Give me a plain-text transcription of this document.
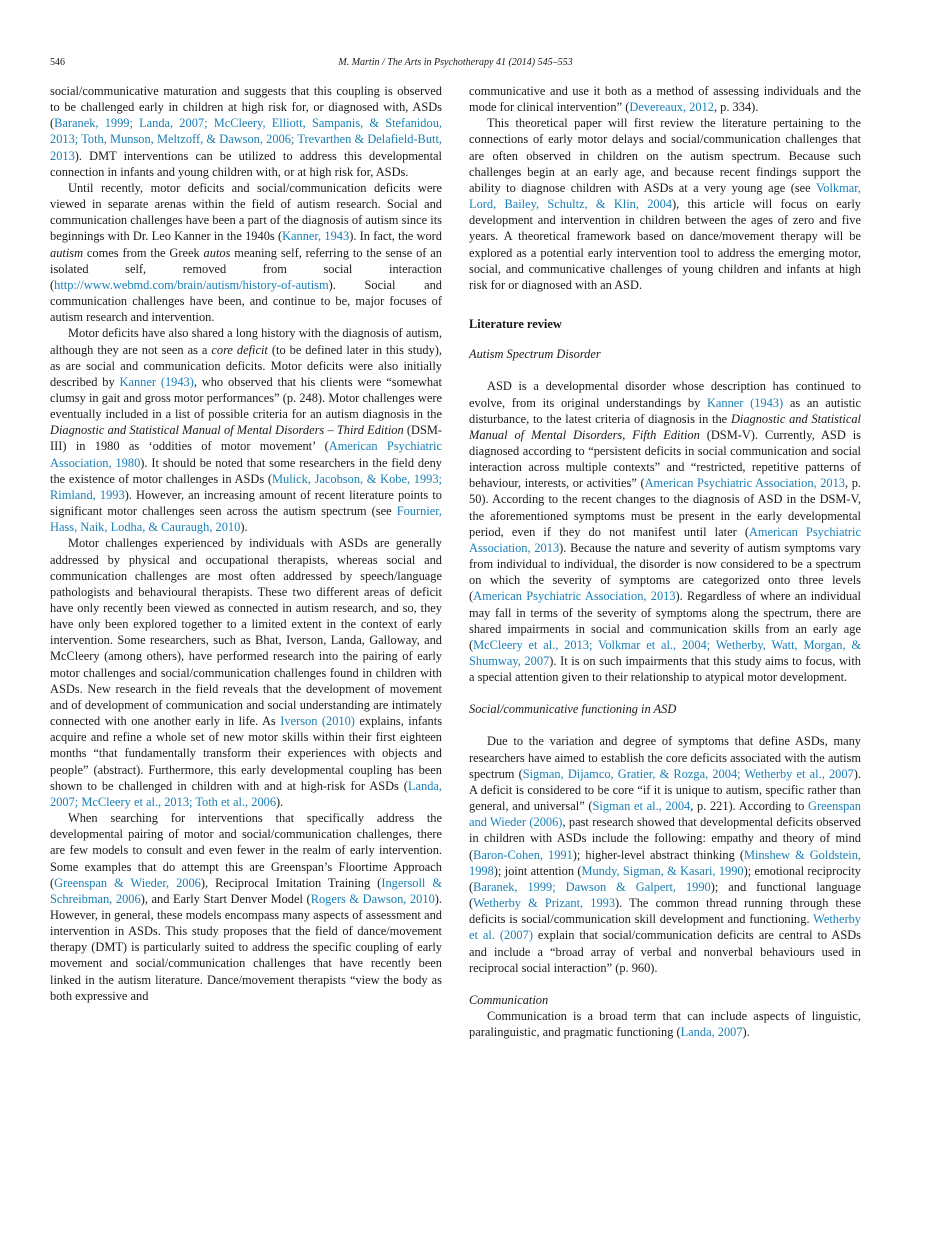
546	M. Martin / The Arts in Psychotherapy 41 (2014) 545–553

social/communicative maturation and suggests that this coupling is observed to be challenged early in children at high risk for, or diagnosed with, ASDs (Baranek, 1999; Landa, 2007; McCleery, Elliott, Sampanis, & Stefanidou, 2013; Toth, Munson, Meltzoff, & Dawson, 2006; Trevarthen & Delafield-Butt, 2013). DMT interventions can be utilized to address this developmental connection in infants and young children with, or at high risk for, ASDs.

Until recently, motor deficits and social/communication deficits were viewed in separate arenas within the field of autism research. Social and communication challenges have been a part of the diagnosis of autism since its beginnings with Dr. Leo Kanner in the 1940s (Kanner, 1943). In fact, the word autism comes from the Greek autos meaning self, referring to the sense of an isolated self, removed from social interaction (http://www.webmd.com/brain/autism/history-of-autism). Social and communication challenges have been, and continue to be, major focuses of autism research and intervention.

Motor deficits have also shared a long history with the diagnosis of autism, although they are not seen as a core deficit (to be defined later in this study), as are social and communication deficits. Motor deficits were also initially described by Kanner (1943), who observed that his clients were “somewhat clumsy in gait and gross motor performances” (p. 248). Motor challenges were eventually included in a list of possible criteria for an autism diagnosis in the Diagnostic and Statistical Manual of Mental Disorders – Third Edition (DSM-III) in 1980 as ‘oddities of motor movement’ (American Psychiatric Association, 1980). It should be noted that some researchers in the field deny the existence of motor challenges in ASDs (Mulick, Jacobson, & Kobe, 1993; Rimland, 1993). However, an increasing amount of recent literature points to significant motor challenges seen across the autism spectrum (see Fournier, Hass, Naik, Lodha, & Cauraugh, 2010).

Motor challenges experienced by individuals with ASDs are generally addressed by physical and occupational therapists, whereas social and communication challenges are most often addressed by speech/language pathologists and behavioural therapists. These two different areas of deficit have only recently been viewed as connected in autism research, and so, they have only been explored together to a limited extent in the context of early intervention. Some researchers, such as Bhat, Iverson, Landa, Galloway, and McCleery (among others), have performed research into the pairing of early motor challenges and social/communication challenges found in children with ASDs. New research in the field reveals that the development of movement and of development of communication and social understanding are intimately connected with one another early in life. As Iverson (2010) explains, infants acquire and refine a whole set of new motor skills within their first eighteen months “that fundamentally transform their experiences with objects and people” (abstract). Furthermore, this early developmental coupling has been shown to be challenged in children with and at high-risk for ASDs (Landa, 2007; McCleery et al., 2013; Toth et al., 2006).

When searching for interventions that specifically address the developmental pairing of motor and social/communication challenges, there are few models to consult and even fewer in the realm of early intervention. Some examples that do attempt this are Greenspan’s Floortime Approach (Greenspan & Wieder, 2006), Reciprocal Imitation Training (Ingersoll & Schreibman, 2006), and Early Start Denver Model (Rogers & Dawson, 2010). However, in general, these models encompass many aspects of assessment and intervention in ASDs. This study proposes that the field of dance/movement therapy (DMT) is particularly suited to address the specific coupling of early movement and social/communication challenges that have recently been linked in the autism literature. Dance/movement therapists “view the body as both expressive and

communicative and use it both as a method of assessing individuals and the mode for clinical intervention” (Devereaux, 2012, p. 334).

This theoretical paper will first review the literature pertaining to the connections of early motor delays and social/communication challenges that are often observed in children on the autism spectrum. Because such challenges begin at an early age, and because recent findings support the ability to diagnose children with ASDs at a very young age (see Volkmar, Lord, Bailey, Schultz, & Klin, 2004), this article will focus on early development and intervention in children between the ages of zero and five years. A theoretical framework based on dance/movement therapy will be explored as a potential early intervention tool to address the emerging motor, social, and communicative challenges of young children and infants at high risk for or diagnosed with an ASD.

Literature review
Autism Spectrum Disorder

ASD is a developmental disorder whose description has continued to evolve, from its original understandings by Kanner (1943) as an autistic disturbance, to the latest criteria of diagnosis in the Diagnostic and Statistical Manual of Mental Disorders, Fifth Edition (DSM-V). Currently, ASD is diagnosed according to “persistent deficits in social communication and social interaction across multiple contexts” and “restricted, repetitive patterns of behaviour, interests, or activities” (American Psychiatric Association, 2013, p. 50). According to the recent changes to the diagnosis of ASD in the DSM-V, the aforementioned symptoms must be present in the early developmental period, even if they do not manifest until later (American Psychiatric Association, 2013). Because the nature and severity of autism symptoms vary from individual to individual, the disorder is now considered to be a spectrum on which the severity of symptoms are categorized onto three levels (American Psychiatric Association, 2013). Regardless of where an individual may fall in terms of the severity of symptoms along the spectrum, there are shared impairments in social and communication skills from an early age (McCleery et al., 2013; Volkmar et al., 2004; Wetherby, Watt, Morgan, & Shumway, 2007). It is on such impairments that this study aims to focus, with a special attention given to their relationship to atypical motor development.

Social/communicative functioning in ASD

Due to the variation and degree of symptoms that define ASDs, many researchers have aimed to establish the core deficits associated with the autism spectrum (Sigman, Dijamco, Gratier, & Rozga, 2004; Wetherby et al., 2007). A deficit is considered to be core “if it is unique to autism, specific rather than general, and universal” (Sigman et al., 2004, p. 221). According to Greenspan and Wieder (2006), past research showed that developmental deficits observed in children with ASDs include the following: empathy and theory of mind (Baron-Cohen, 1991); higher-level abstract thinking (Minshew & Goldstein, 1998); joint attention (Mundy, Sigman, & Kasari, 1990); emotional reciprocity (Baranek, 1999; Dawson & Galpert, 1990); and functional language (Wetherby & Prizant, 1993). The common thread running through these deficits is social/communication skill development and functioning. Wetherby et al. (2007) explain that social/communication deficits are central to ASDs and include a “broad array of verbal and nonverbal behaviours used in reciprocal social interaction” (p. 960).

Communication

Communication is a broad term that can include aspects of linguistic, paralinguistic, and pragmatic functioning (Landa, 2007).
